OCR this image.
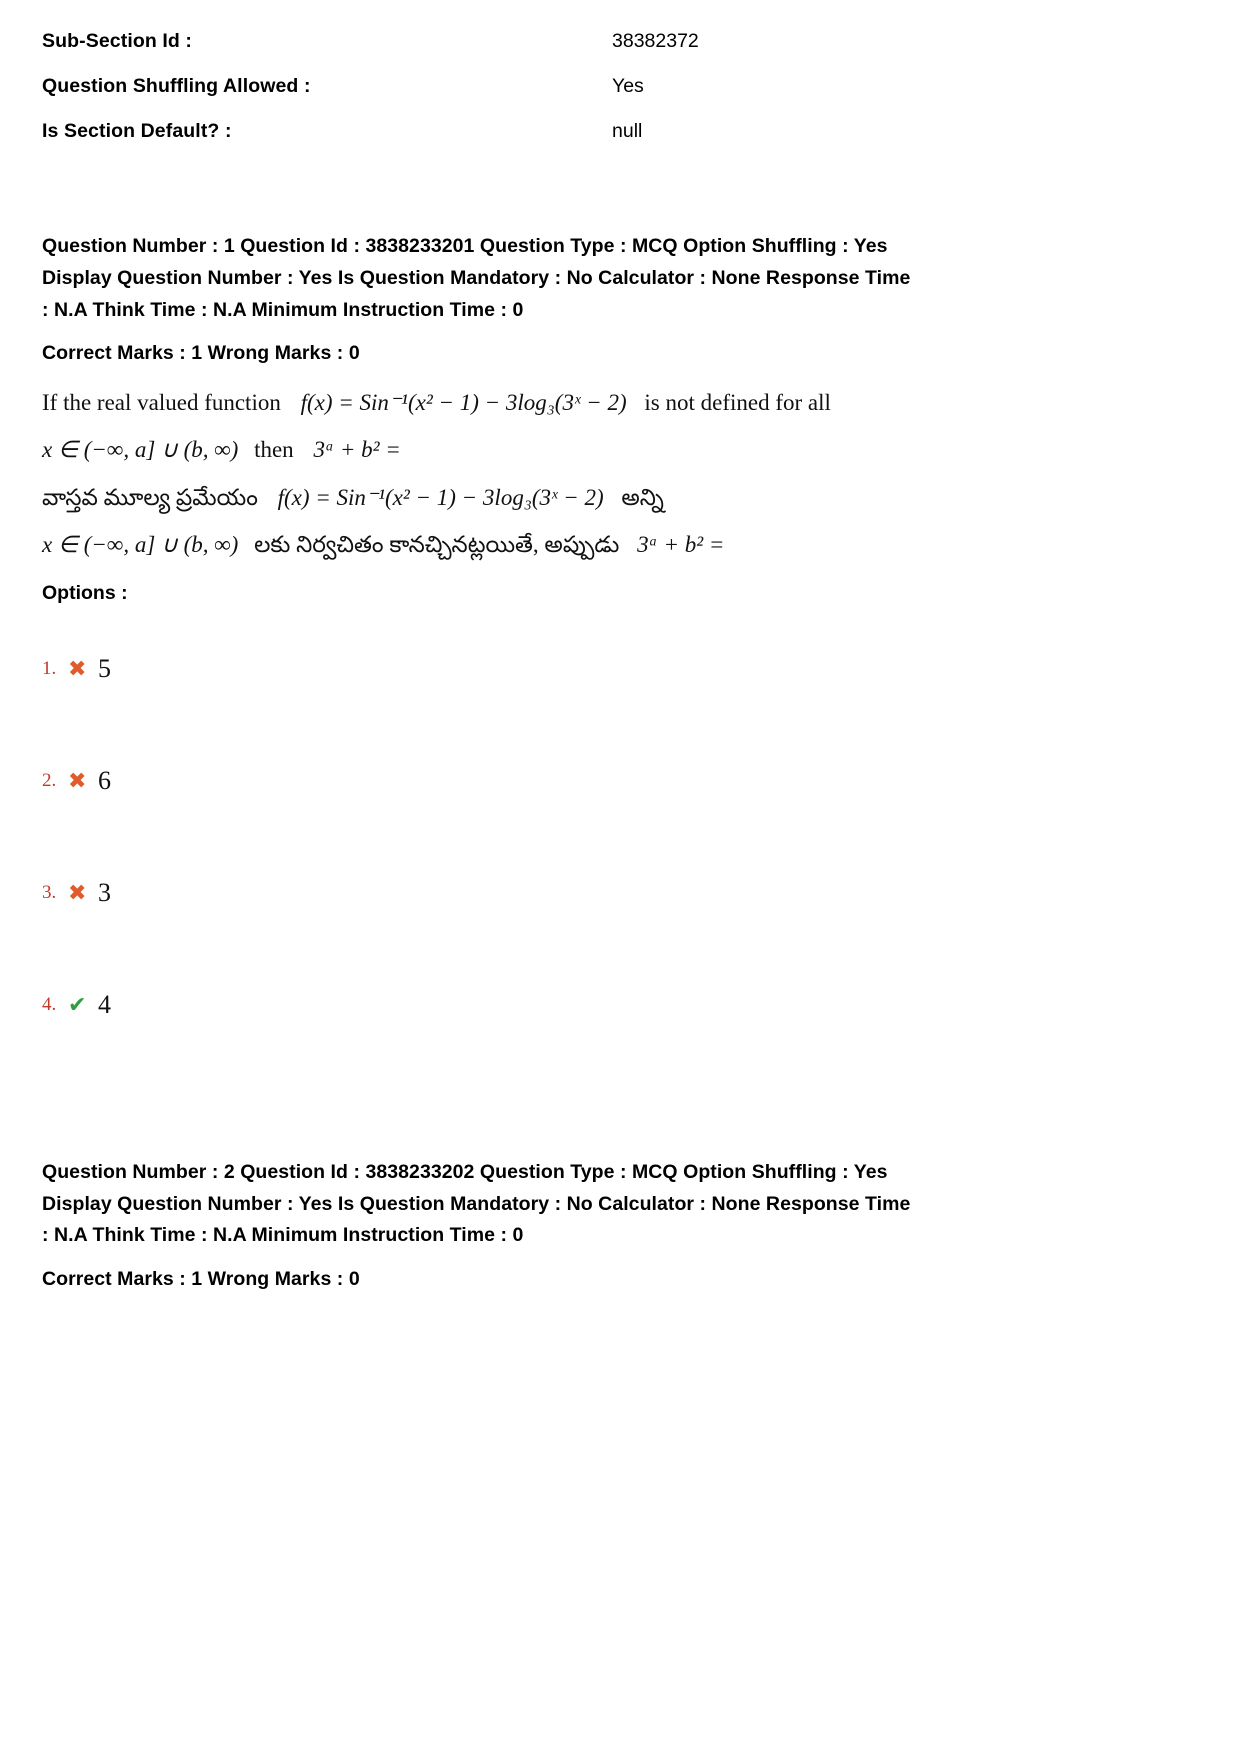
Sub-Section Id :	38382372
Question Shuffling Allowed :	Yes
Is Section Default? :	null
Question Number : 1 Question Id : 3838233201 Question Type : MCQ Option Shuffling : Yes
Display Question Number : Yes Is Question Mandatory : No Calculator : None Response Time
: N.A Think Time : N.A Minimum Instruction Time : 0
Correct Marks : 1 Wrong Marks : 0
If the real valued function f(x) = Sin⁻¹(x² − 1) − 3log₃(3ˣ − 2) is not defined for all
x ∈ (−∞, a] ∪ (b, ∞) then 3ᵃ + b² =
వాస్తవ మూల్య ప్రమేయం f(x) = Sin⁻¹(x² − 1) − 3log₃(3ˣ − 2) అన్ని
x ∈ (−∞, a] ∪ (b, ∞) లకు నిర్వచితం కానచ్చినట్లయితే, అప్పుడు 3ᵃ + b² =
Options :
1. ✖ 5
2. ✖ 6
3. ✖ 3
4. ✔ 4
Question Number : 2 Question Id : 3838233202 Question Type : MCQ Option Shuffling : Yes
Display Question Number : Yes Is Question Mandatory : No Calculator : None Response Time
: N.A Think Time : N.A Minimum Instruction Time : 0
Correct Marks : 1 Wrong Marks : 0
